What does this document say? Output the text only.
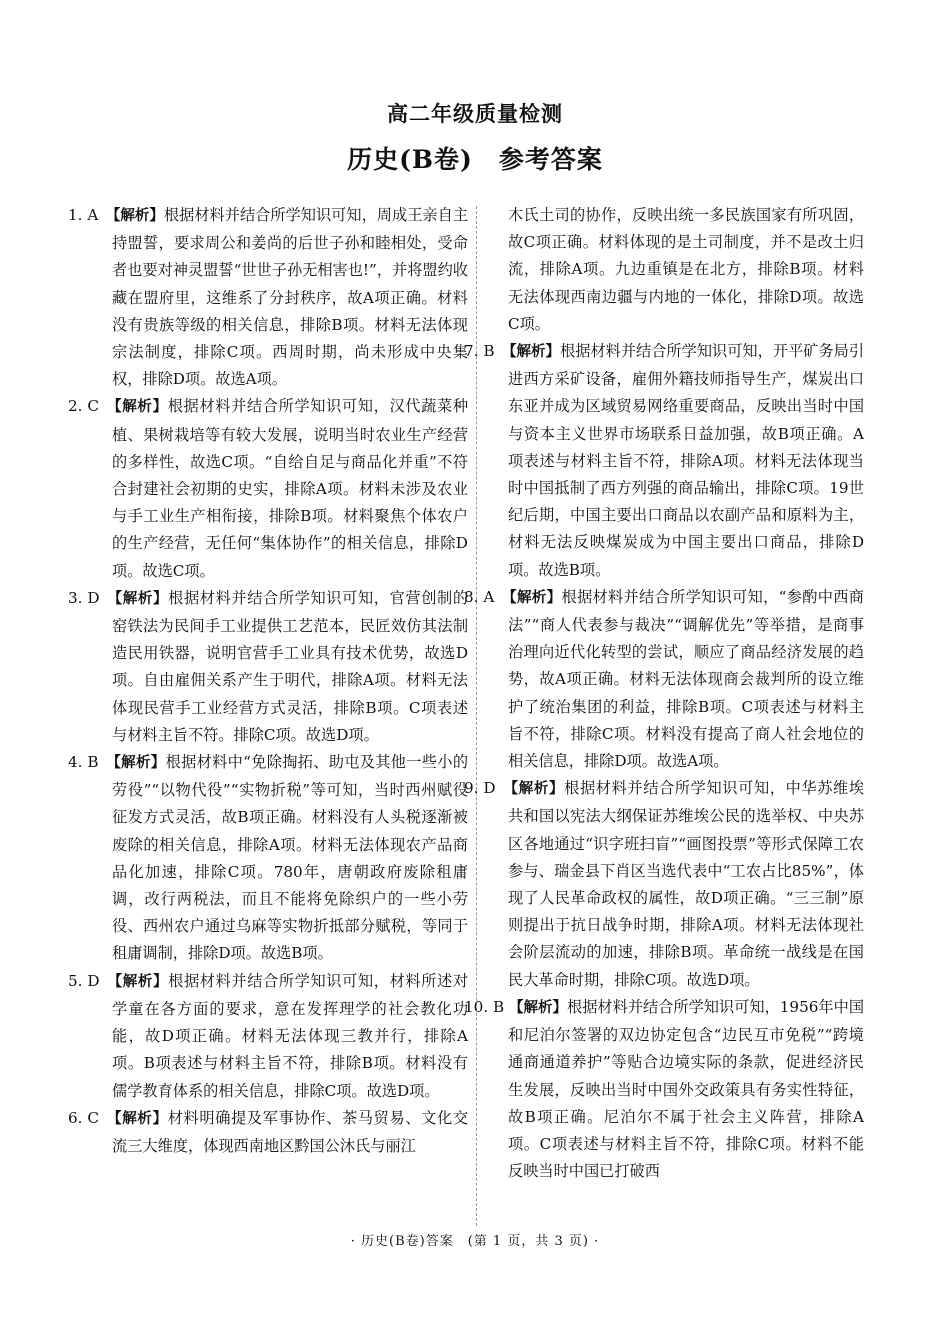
高二年级质量检测
历史(B卷)　参考答案

1. A 【解析】根据材料并结合所学知识可知，周成王亲自主持盟誓，要求周公和姜尚的后世子孙和睦相处，受命者也要对神灵盟誓“世世子孙无相害也!”，并将盟约收藏在盟府里，这维系了分封秩序，故A项正确。材料没有贵族等级的相关信息，排除B项。材料无法体现宗法制度，排除C项。西周时期，尚未形成中央集权，排除D项。故选A项。

2. C 【解析】根据材料并结合所学知识可知，汉代蔬菜种植、果树栽培等有较大发展，说明当时农业生产经营的多样性，故选C项。“自给自足与商品化并重”不符合封建社会初期的史实，排除A项。材料未涉及农业与手工业生产相衔接，排除B项。材料聚焦个体农户的生产经营，无任何“集体协作”的相关信息，排除D项。故选C项。

3. D 【解析】根据材料并结合所学知识可知，官营创制的窑铁法为民间手工业提供工艺范本，民匠效仿其法制造民用铁器，说明官营手工业具有技术优势，故选D项。自由雇佣关系产生于明代，排除A项。材料无法体现民营手工业经营方式灵活，排除B项。C项表述与材料主旨不符。排除C项。故选D项。

4. B 【解析】根据材料中“免除掏拓、助屯及其他一些小的劳役”“以物代役”“实物折税”等可知，当时西州赋役征发方式灵活，故B项正确。材料没有人头税逐渐被废除的相关信息，排除A项。材料无法体现农产品商品化加速，排除C项。780年，唐朝政府废除租庸调，改行两税法，而且不能将免除织户的一些小劳役、西州农户通过乌麻等实物折抵部分赋税，等同于租庸调制，排除D项。故选B项。

5. D 【解析】根据材料并结合所学知识可知，材料所述对学童在各方面的要求，意在发挥理学的社会教化功能，故D项正确。材料无法体现三教并行，排除A项。B项表述与材料主旨不符，排除B项。材料没有儒学教育体系的相关信息，排除C项。故选D项。

6. C 【解析】材料明确提及军事协作、茶马贸易、文化交流三大维度，体现西南地区黔国公沐氏与丽江

木氏土司的协作，反映出统一多民族国家有所巩固，故C项正确。材料体现的是土司制度，并不是改土归流，排除A项。九边重镇是在北方，排除B项。材料无法体现西南边疆与内地的一体化，排除D项。故选C项。

7. B 【解析】根据材料并结合所学知识可知，开平矿务局引进西方采矿设备，雇佣外籍技师指导生产，煤炭出口东亚并成为区域贸易网络重要商品，反映出当时中国与资本主义世界市场联系日益加强，故B项正确。A项表述与材料主旨不符，排除A项。材料无法体现当时中国抵制了西方列强的商品输出，排除C项。19世纪后期，中国主要出口商品以农副产品和原料为主，材料无法反映煤炭成为中国主要出口商品，排除D项。故选B项。

8. A 【解析】根据材料并结合所学知识可知，“参酌中西商法”“商人代表参与裁决”“调解优先”等举措，是商事治理向近代化转型的尝试，顺应了商品经济发展的趋势，故A项正确。材料无法体现商会裁判所的设立维护了统治集团的利益，排除B项。C项表述与材料主旨不符，排除C项。材料没有提高了商人社会地位的相关信息，排除D项。故选A项。

9. D 【解析】根据材料并结合所学知识可知，中华苏维埃共和国以宪法大纲保证苏维埃公民的选举权、中央苏区各地通过“识字班扫盲”“画图投票”等形式保障工农参与、瑞金县下肖区当选代表中“工农占比85%”，体现了人民革命政权的属性，故D项正确。“三三制”原则提出于抗日战争时期，排除A项。材料无法体现社会阶层流动的加速，排除B项。革命统一战线是在国民大革命时期，排除C项。故选D项。

10. B 【解析】根据材料并结合所学知识可知，1956年中国和尼泊尔签署的双边协定包含“边民互市免税”“跨境通商通道养护”等贴合边境实际的条款，促进经济民生发展，反映出当时中国外交政策具有务实性特征，故B项正确。尼泊尔不属于社会主义阵营，排除A项。C项表述与材料主旨不符，排除C项。材料不能反映当时中国已打破西

· 历史(B卷)答案　(第 1 页，共 3 页) ·
